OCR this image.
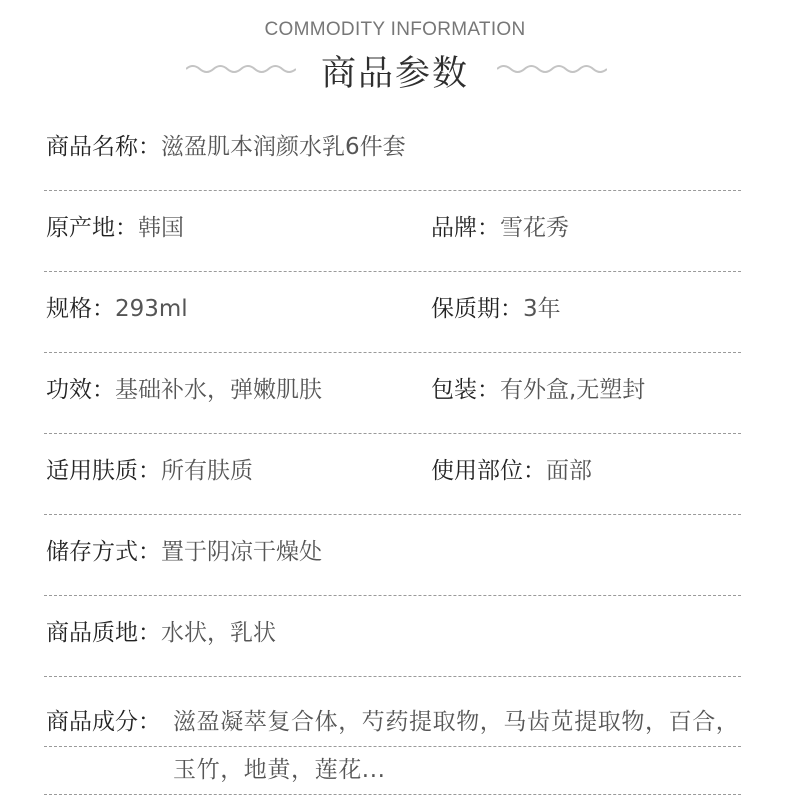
COMMODITY INFORMATION
商品参数
商品名称：滋盈肌本润颜水乳6件套
原产地：韩国	品牌：雪花秀
规格：293ml	保质期：3年
功效：基础补水，弹嫩肌肤	包装：有外盒,无塑封
适用肤质：所有肤质	使用部位：面部
储存方式：置于阴凉干燥处
商品质地：水状，乳状
商品成分： 滋盈凝萃复合体，芍药提取物，马齿苋提取物，百合，玉竹，地黄，莲花...
